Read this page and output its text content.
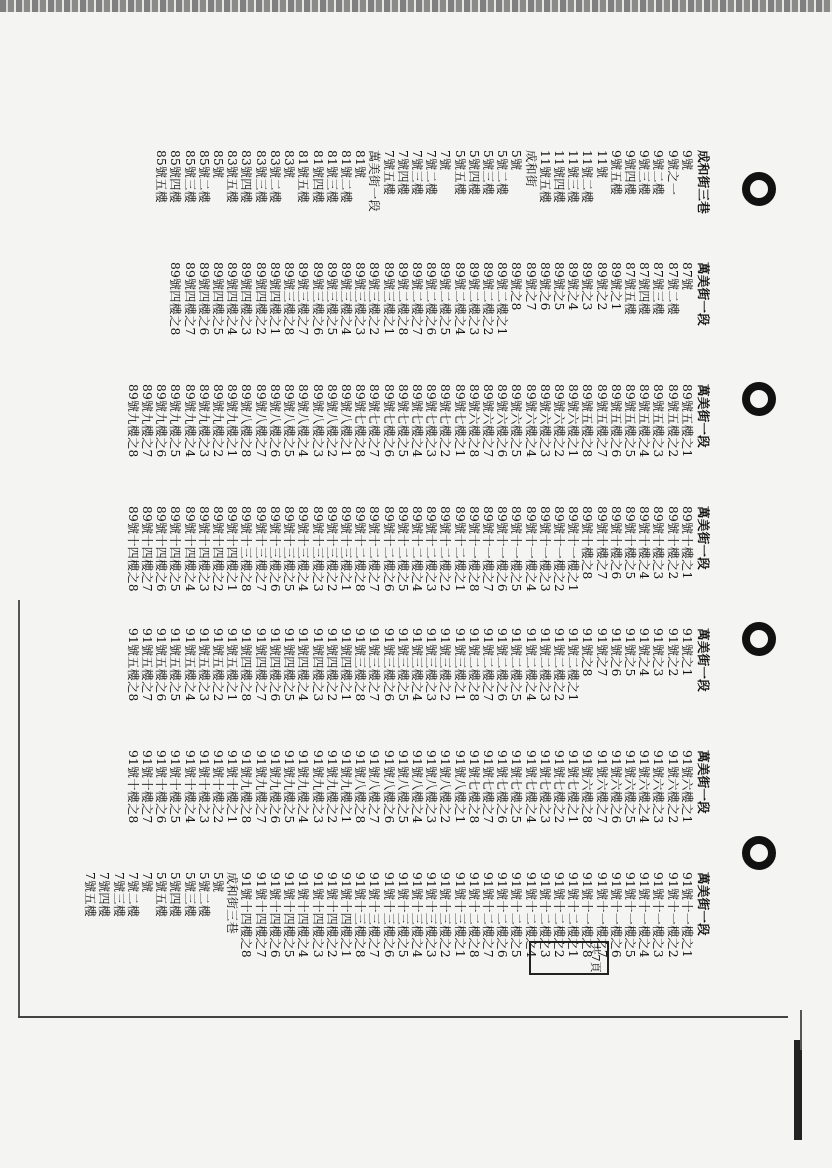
成和街三巷
9號
9號之一
9號二樓
9號三樓
9號四樓
9號五樓
11號
11號二樓
11號三樓
11號四樓
11號五樓
成和街
5號
5號二樓
5號三樓
5號四樓
5號五樓
7號
7號二樓
7號三樓
7號四樓
7號五樓
萬美街一段
81號
81號二樓
81號三樓
81號四樓
81號五樓
83號
83號二樓
83號三樓
83號四樓
83號五樓
85號
85號二樓
85號三樓
85號四樓
85號五樓
萬美街一段
87號
87號二樓
87號三樓
87號四樓
87號五樓
89號之1
89號之2
89號之3
89號之4
89號之5
89號之6
89號之7
89號之8
89號二樓之1
89號二樓之2
89號二樓之3
89號二樓之4
89號二樓之5
89號二樓之6
89號二樓之7
89號二樓之8
89號三樓之1
89號三樓之2
89號三樓之3
89號三樓之4
89號三樓之5
89號三樓之6
89號三樓之7
89號三樓之8
89號四樓之1
89號四樓之2
89號四樓之3
89號四樓之4
89號四樓之5
89號四樓之6
89號四樓之7
89號四樓之8
萬美街一段
89號五樓之1
89號五樓之2
89號五樓之3
89號五樓之4
89號五樓之5
89號五樓之6
89號五樓之7
89號五樓之8
89號六樓之1
89號六樓之2
89號六樓之3
89號六樓之4
89號六樓之5
89號六樓之6
89號六樓之7
89號六樓之8
89號七樓之1
89號七樓之2
89號七樓之3
89號七樓之4
89號七樓之5
89號七樓之6
89號七樓之7
89號七樓之8
89號八樓之1
89號八樓之2
89號八樓之3
89號八樓之4
89號八樓之5
89號八樓之6
89號八樓之7
89號八樓之8
89號九樓之1
89號九樓之2
89號九樓之3
89號九樓之4
89號九樓之5
89號九樓之6
89號九樓之7
89號九樓之8
萬美街一段
89號十樓之1
89號十樓之2
89號十樓之3
89號十樓之4
89號十樓之5
89號十樓之6
89號十樓之7
89號十樓之8
89號十一樓之1
89號十一樓之2
89號十一樓之3
89號十一樓之4
89號十一樓之5
89號十一樓之6
89號十一樓之7
89號十一樓之8
89號十二樓之1
89號十二樓之2
89號十二樓之3
89號十二樓之4
89號十二樓之5
89號十二樓之6
89號十二樓之7
89號十二樓之8
89號十三樓之1
89號十三樓之2
89號十三樓之3
89號十三樓之4
89號十三樓之5
89號十三樓之6
89號十三樓之7
89號十三樓之8
89號十四樓之1
89號十四樓之2
89號十四樓之3
89號十四樓之4
89號十四樓之5
89號十四樓之6
89號十四樓之7
89號十四樓之8
萬美街一段
91號之1
91號之2
91號之3
91號之4
91號之5
91號之6
91號之7
91號之8
91號二樓之1
91號二樓之2
91號二樓之3
91號二樓之4
91號二樓之5
91號二樓之6
91號二樓之7
91號二樓之8
91號三樓之1
91號三樓之2
91號三樓之3
91號三樓之4
91號三樓之5
91號三樓之6
91號三樓之7
91號三樓之8
91號四樓之1
91號四樓之2
91號四樓之3
91號四樓之4
91號四樓之5
91號四樓之6
91號四樓之7
91號四樓之8
91號五樓之1
91號五樓之2
91號五樓之3
91號五樓之4
91號五樓之5
91號五樓之6
91號五樓之7
91號五樓之8
萬美街一段
91號六樓之1
91號六樓之2
91號六樓之3
91號六樓之4
91號六樓之5
91號六樓之6
91號六樓之7
91號六樓之8
91號七樓之1
91號七樓之2
91號七樓之3
91號七樓之4
91號七樓之5
91號七樓之6
91號七樓之7
91號七樓之8
91號八樓之1
91號八樓之2
91號八樓之3
91號八樓之4
91號八樓之5
91號八樓之6
91號八樓之7
91號八樓之8
91號九樓之1
91號九樓之2
91號九樓之3
91號九樓之4
91號九樓之5
91號九樓之6
91號九樓之7
91號九樓之8
91號十樓之1
91號十樓之2
91號十樓之3
91號十樓之4
91號十樓之5
91號十樓之6
91號十樓之7
91號十樓之8
萬美街一段
91號十一樓之1
91號十一樓之2
91號十一樓之3
91號十一樓之4
91號十一樓之5
91號十一樓之6
91號十一樓之7
91號十一樓之8
91號十二樓之1
91號十二樓之2
91號十二樓之3
91號十二樓之4
91號十二樓之5
91號十二樓之6
91號十二樓之7
91號十二樓之8
91號十三樓之1
91號十三樓之2
91號十三樓之3
91號十三樓之4
91號十三樓之5
91號十三樓之6
91號十三樓之7
91號十三樓之8
91號十四樓之1
91號十四樓之2
91號十四樓之3
91號十四樓之4
91號十四樓之5
91號十四樓之6
91號十四樓之7
91號十四樓之8
成和街三巷
5號
5號二樓
5號三樓
5號四樓
5號五樓
7號
7號二樓
7號三樓
7號四樓
7號五樓
共7頁
